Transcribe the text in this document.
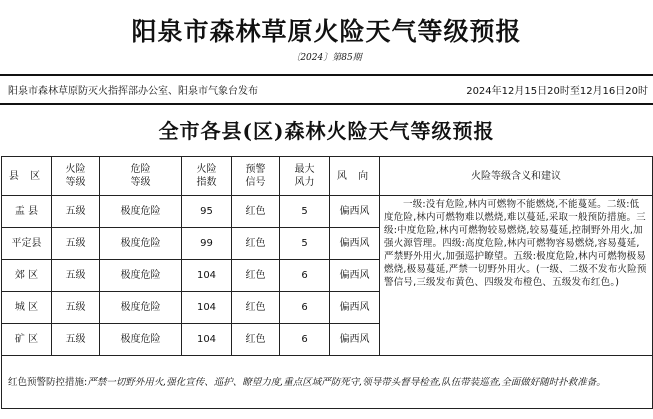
阳泉市森林草原火险天气等级预报
〔2024〕第85期
阳泉市森林草原防灭火指挥部办公室、阳泉市气象台发布	2024年12月15日20时至12月16日20时
全市各县(区)森林火险天气等级预报
县 区	火险等级	危险等级	火险指数	预警信号	最大风力	风 向	火险等级含义和建议
盂 县	五级	极度危险	95	红色	5	偏西风	一级:没有危险,林内可燃物不能燃烧,不能蔓延。二级:低度危险,林内可燃物难以燃烧,难以蔓延,采取一般预防措施。三级:中度危险,林内可燃物较易燃烧,较易蔓延,控制野外用火,加强火源管理。四级:高度危险,林内可燃物容易燃烧,容易蔓延,严禁野外用火,加强巡护瞭望。五级:极度危险,林内可燃物极易燃烧,极易蔓延,严禁一切野外用火。(一级、二级不发布火险预警信号,三级发布黄色、四级发布橙色、五级发布红色。)
平定县	五级	极度危险	99	红色	5	偏西风	
郊 区	五级	极度危险	104	红色	6	偏西风	
城 区	五级	极度危险	104	红色	6	偏西风	
矿 区	五级	极度危险	104	红色	6	偏西风	
红色预警防控措施:严禁一切野外用火,强化宣传、巡护、瞭望力度,重点区域严防死守,领导带头督导检查,队伍带装巡查,全面做好随时扑救准备。							
